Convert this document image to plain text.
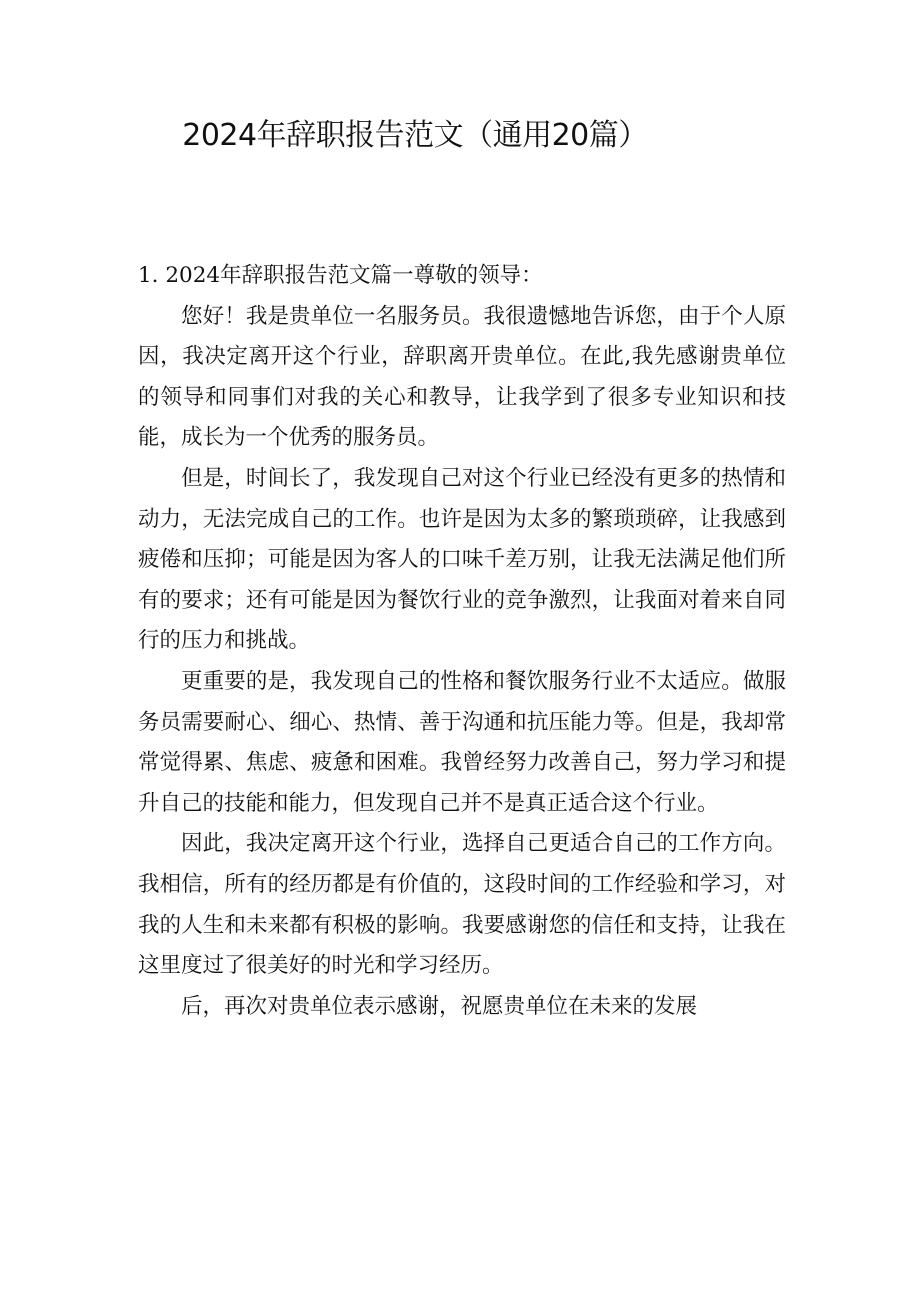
2024年辞职报告范文（通用20篇）

1. 2024年辞职报告范文篇一尊敬的领导：

您好！我是贵单位一名服务员。我很遗憾地告诉您，由于个人原因，我决定离开这个行业，辞职离开贵单位。在此,我先感谢贵单位的领导和同事们对我的关心和教导，让我学到了很多专业知识和技能，成长为一个优秀的服务员。

但是，时间长了，我发现自己对这个行业已经没有更多的热情和动力，无法完成自己的工作。也许是因为太多的繁琐琐碎，让我感到疲倦和压抑；可能是因为客人的口味千差万别，让我无法满足他们所有的要求；还有可能是因为餐饮行业的竞争激烈，让我面对着来自同行的压力和挑战。

更重要的是，我发现自己的性格和餐饮服务行业不太适应。做服务员需要耐心、细心、热情、善于沟通和抗压能力等。但是，我却常常觉得累、焦虑、疲惫和困难。我曾经努力改善自己，努力学习和提升自己的技能和能力，但发现自己并不是真正适合这个行业。

因此，我决定离开这个行业，选择自己更适合自己的工作方向。我相信，所有的经历都是有价值的，这段时间的工作经验和学习，对我的人生和未来都有积极的影响。我要感谢您的信任和支持，让我在这里度过了很美好的时光和学习经历。

后，再次对贵单位表示感谢，祝愿贵单位在未来的发展
